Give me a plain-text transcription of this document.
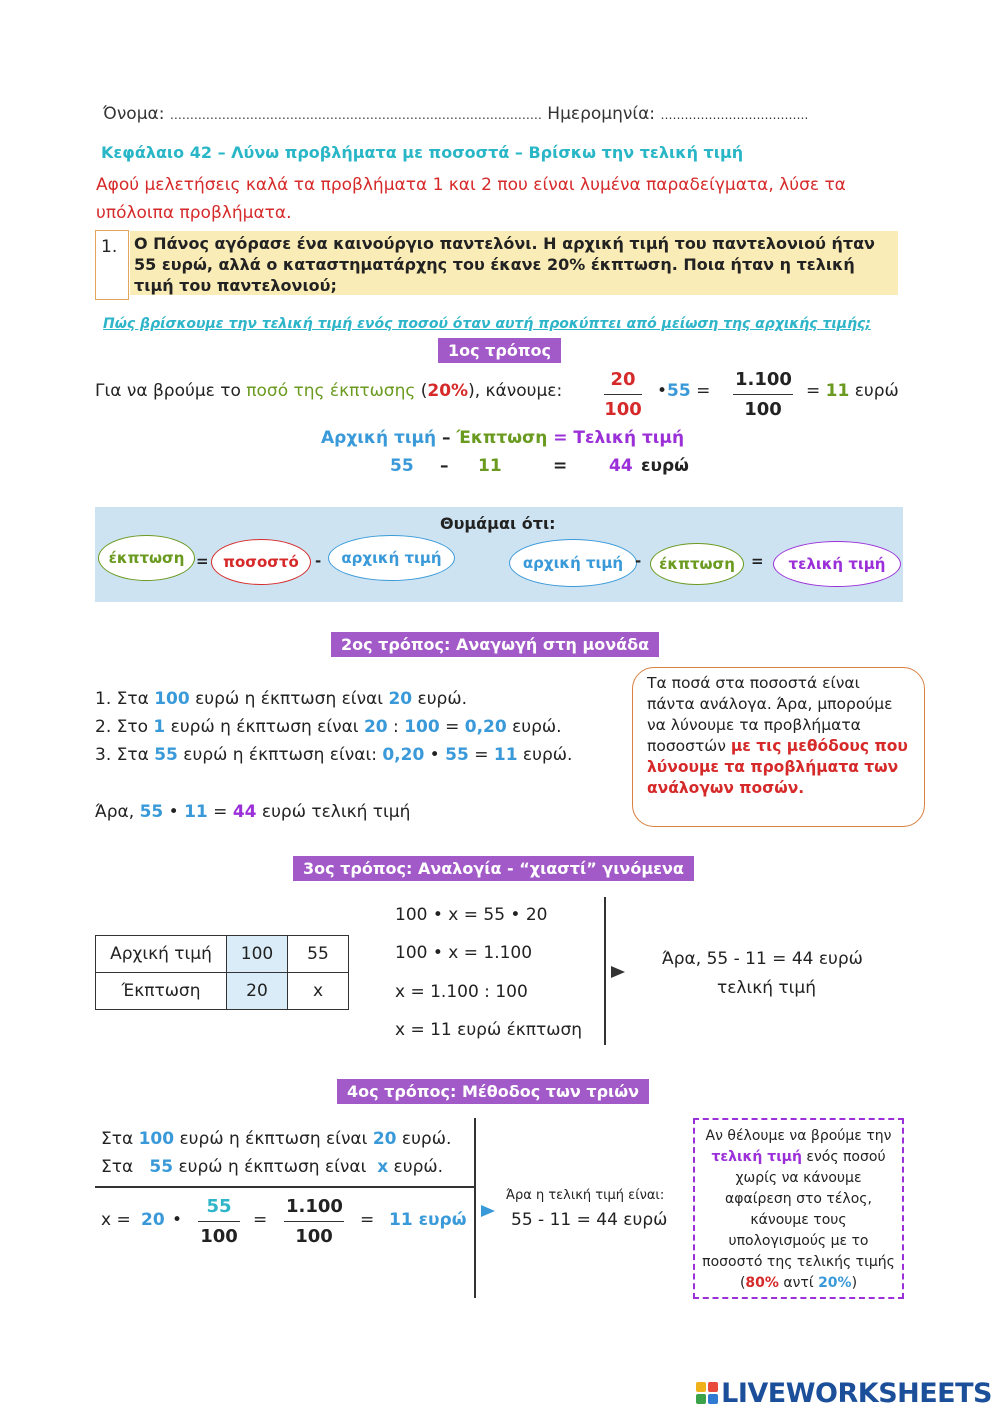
Όνομα: ………………………………………………………………………………… Ημερομηνία: ……………………………….
Κεφάλαιο 42 – Λύνω προβλήματα με ποσοστά – Βρίσκω την τελική τιμή
Αφού μελετήσεις καλά τα προβλήματα 1 και 2 που είναι λυμένα παραδείγματα, λύσε τα
υπόλοιπα προβλήματα.
1. Ο Πάνος αγόρασε ένα καινούργιο παντελόνι. Η αρχική τιμή του παντελονιού ήταν 55 ευρώ, αλλά ο καταστηματάρχης του έκανε 20% έκπτωση. Ποια ήταν η τελική τιμή του παντελονιού;
Πώς βρίσκουμε την τελική τιμή ενός ποσού όταν αυτή προκύπτει από μείωση της αρχικής τιμής;
1ος τρόπος
Για να βρούμε το ποσό της έκπτωσης (20%), κάνουμε: $\frac{20}{100}$ •55 = $\frac{1.100}{100} = 11$ ευρώ
Αρχική τιμή – Έκπτωση = Τελική τιμή
55 – 11	= 44 ευρώ
Θυμάμαι ότι:
έκπτωση = ποσοστό	-	αρχική τιμή	αρχική τιμή -	έκπτωση	=	τελική τιμή
2ος τρόπος: Αναγωγή στη μονάδα
1. Στα 100 ευρώ η έκπτωση είναι 20 ευρώ.
2. Στο 1 ευρώ η έκπτωση είναι 20 : 100 = 0,20 ευρώ.
3. Στα 55 ευρώ η έκπτωση είναι: 0,20 • 55 = 11 ευρώ.
Άρα, 55 • 11 = 44 ευρώ τελική τιμή
Τα ποσά στα ποσοστά είναι πάντα ανάλογα. Άρα, μπορούμε να λύνουμε τα προβλήματα ποσοστών με τις μεθόδους που λύνουμε τα προβλήματα των ανάλογων ποσών.
3ος τρόπος: Αναλογία - “χιαστί” γινόμενα
Αρχική τιμή	100	55
Έκπτωση	20	x
100 • x = 55 • 20
100 • x = 1.100
x = 1.100 : 100
x = 11 ευρώ έκπτωση
Άρα, 55 - 11 = 44 ευρώ
τελική τιμή
4ος τρόπος: Μέθοδος των τριών
Στα 100 ευρώ η έκπτωση είναι 20 ευρώ.
Στα   55 ευρώ η έκπτωση είναι  x ευρώ.
x = 20 • $\frac{55}{100} = \frac{1.100}{100} = 11$ ευρώ
Άρα η τελική τιμή είναι:
55 - 11 = 44 ευρώ
Αν θέλουμε να βρούμε την τελική τιμή ενός ποσού χωρίς να κάνουμε αφαίρεση στο τέλος, κάνουμε τους υπολογισμούς με το ποσοστό της τελικής τιμής (80% αντί 20%)
LIVEWORKSHEETS
